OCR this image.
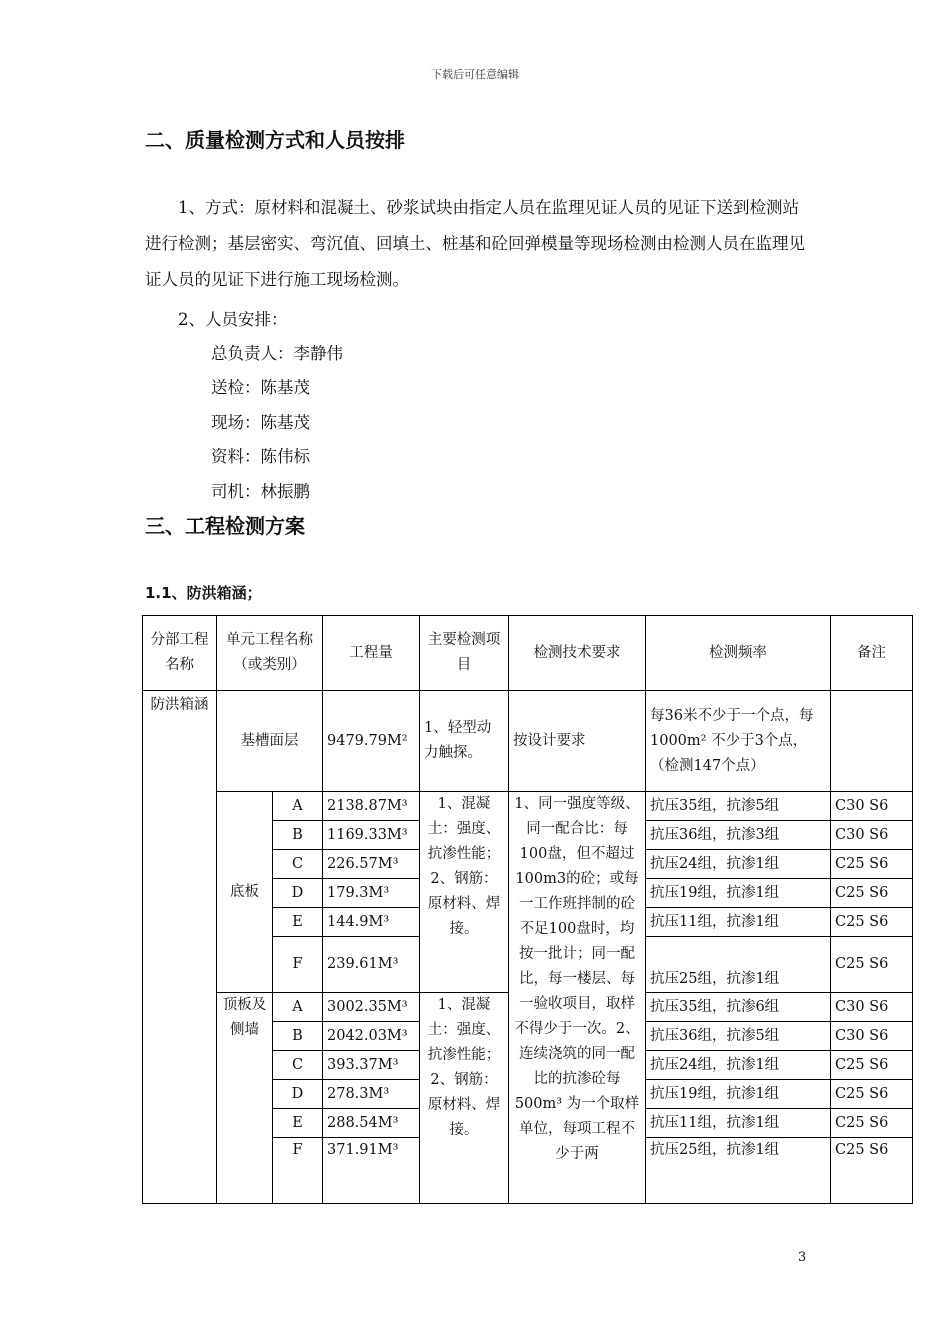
下载后可任意编辑
二、质量检测方式和人员按排
1、方式：原材料和混凝土、砂浆试块由指定人员在监理见证人员的见证下送到检测站进行检测；基层密实、弯沉值、回填土、桩基和砼回弹模量等现场检测由检测人员在监理见证人员的见证下进行施工现场检测。
2、人员安排：
总负责人：李静伟
送检：陈基茂
现场：陈基茂
资料：陈伟标
司机：林振鹏
三、工程检测方案
1.1、防洪箱涵；
分部工程名称	单元工程名称（或类别）		工程量	主要检测项目	检测技术要求	检测频率	备注
防洪箱涵	基槽面层		9479.79M²	1、轻型动力触探。	按设计要求	每36米不少于一个点，每1000m² 不少于3个点，（检测147个点）	
	底板	A	2138.87M³	1、混凝土：强度、抗渗性能；2、钢筋：原材料、焊接。	1、同一强度等级、同一配合比：每100盘，但不超过100m3的砼；或每一工作班拌制的砼不足100盘时，均按一批计；同一配比，每一楼层、每一验收项目，取样不得少于一次。2、连续浇筑的同一配比的抗渗砼每500m³ 为一个取样单位，每项工程不少于两	抗压35组，抗渗5组	C30 S6
		B	1169.33M³			抗压36组，抗渗3组	C30 S6
		C	226.57M³			抗压24组，抗渗1组	C25 S6
		D	179.3M³			抗压19组，抗渗1组	C25 S6
		E	144.9M³			抗压11组，抗渗1组	C25 S6
		F	239.61M³			抗压25组，抗渗1组	C25 S6
	顶板及侧墙	A	3002.35M³	1、混凝土：强度、抗渗性能；2、钢筋：原材料、焊接。		抗压35组，抗渗6组	C30 S6
		B	2042.03M³			抗压36组，抗渗5组	C30 S6
		C	393.37M³			抗压24组，抗渗1组	C25 S6
		D	278.3M³			抗压19组，抗渗1组	C25 S6
		E	288.54M³			抗压11组，抗渗1组	C25 S6
		F	371.91M³			抗压25组，抗渗1组	C25 S6

3
